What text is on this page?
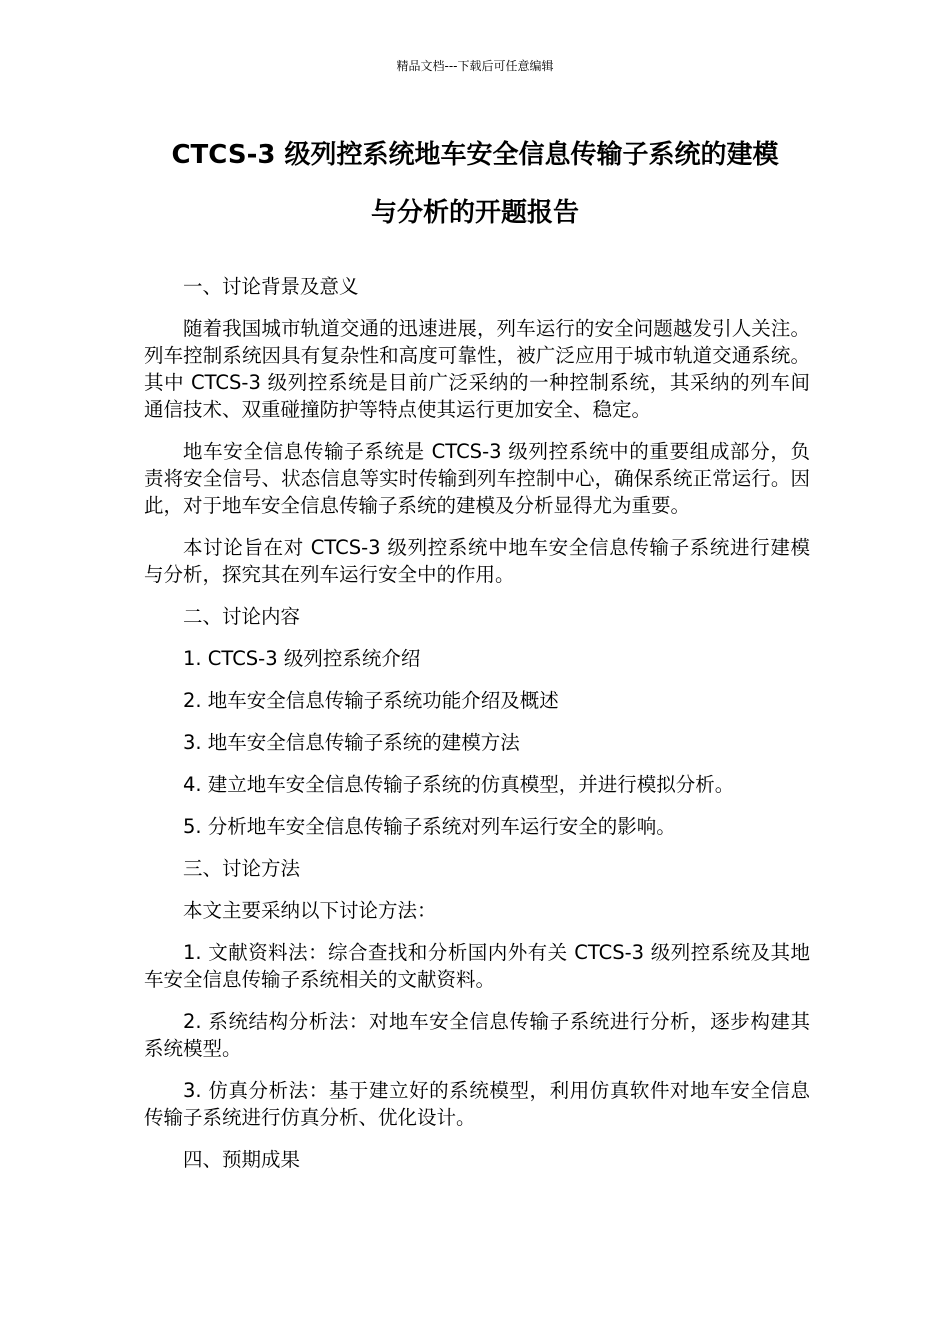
精品文档---下载后可任意编辑
CTCS-3 级列控系统地车安全信息传输子系统的建模
与分析的开题报告

一、讨论背景及意义

随着我国城市轨道交通的迅速进展，列车运行的安全问题越发引人关注。列车控制系统因具有复杂性和高度可靠性，被广泛应用于城市轨道交通系统。其中 CTCS-3 级列控系统是目前广泛采纳的一种控制系统，其采纳的列车间通信技术、双重碰撞防护等特点使其运行更加安全、稳定。

地车安全信息传输子系统是 CTCS-3 级列控系统中的重要组成部分，负责将安全信号、状态信息等实时传输到列车控制中心，确保系统正常运行。因此，对于地车安全信息传输子系统的建模及分析显得尤为重要。

本讨论旨在对 CTCS-3 级列控系统中地车安全信息传输子系统进行建模与分析，探究其在列车运行安全中的作用。

二、讨论内容

1. CTCS-3 级列控系统介绍

2. 地车安全信息传输子系统功能介绍及概述

3. 地车安全信息传输子系统的建模方法

4. 建立地车安全信息传输子系统的仿真模型，并进行模拟分析。

5. 分析地车安全信息传输子系统对列车运行安全的影响。

三、讨论方法

本文主要采纳以下讨论方法：

1. 文献资料法：综合查找和分析国内外有关 CTCS-3 级列控系统及其地车安全信息传输子系统相关的文献资料。

2. 系统结构分析法：对地车安全信息传输子系统进行分析，逐步构建其系统模型。

3. 仿真分析法：基于建立好的系统模型，利用仿真软件对地车安全信息传输子系统进行仿真分析、优化设计。

四、预期成果
